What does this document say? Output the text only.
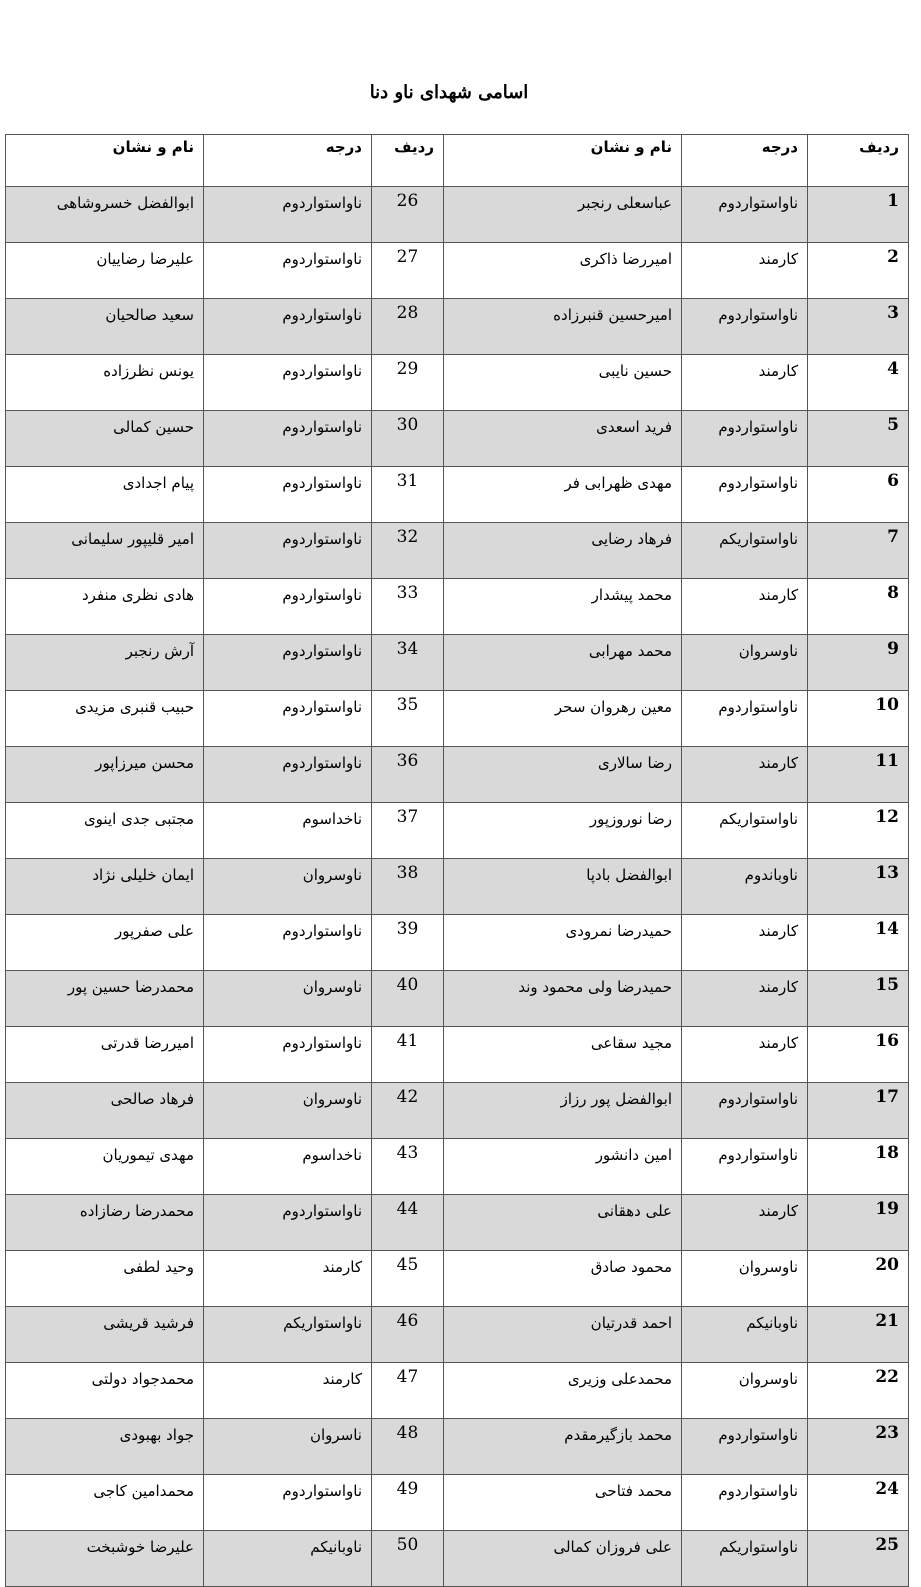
اسامی شهدای ناو دنا
ردیف	درجه	نام و نشان	ردیف	درجه	نام و نشان
1	ناواستواردوم	عباسعلی رنجبر	26	ناواستواردوم	ابوالفضل خسروشاهی
2	کارمند	امیررضا ذاکری	27	ناواستواردوم	علیرضا رضاییان
3	ناواستواردوم	امیرحسین قنبرزاده	28	ناواستواردوم	سعید صالحیان
4	کارمند	حسین نایبی	29	ناواستواردوم	یونس نظرزاده
5	ناواستواردوم	فرید اسعدی	30	ناواستواردوم	حسین کمالی
6	ناواستواردوم	مهدی ظهرابی فر	31	ناواستواردوم	پیام اجدادی
7	ناواستواریکم	فرهاد رضایی	32	ناواستواردوم	امیر قلیپور سلیمانی
8	کارمند	محمد پیشدار	33	ناواستواردوم	هادی نظری منفرد
9	ناوسروان	محمد مهرابی	34	ناواستواردوم	آرش رنجبر
10	ناواستواردوم	معین رهروان سحر	35	ناواستواردوم	حبیب قنبری مزیدی
11	کارمند	رضا سالاری	36	ناواستواردوم	محسن میرزاپور
12	ناواستواریکم	رضا نوروزپور	37	ناخداسوم	مجتبی جدی اینوی
13	ناوباندوم	ابوالفضل بادپا	38	ناوسروان	ایمان خلیلی نژاد
14	کارمند	حمیدرضا نمرودی	39	ناواستواردوم	علی صفرپور
15	کارمند	حمیدرضا ولی محمود وند	40	ناوسروان	محمدرضا حسین پور
16	کارمند	مجید سقاعی	41	ناواستواردوم	امیررضا قدرتی
17	ناواستواردوم	ابوالفضل پور رزاز	42	ناوسروان	فرهاد صالحی
18	ناواستواردوم	امین دانشور	43	ناخداسوم	مهدی تیموریان
19	کارمند	علی دهقانی	44	ناواستواردوم	محمدرضا رضازاده
20	ناوسروان	محمود صادق	45	کارمند	وحید لطفی
21	ناوبانیکم	احمد قدرتیان	46	ناواستواریکم	فرشید قریشی
22	ناوسروان	محمدعلی وزیری	47	کارمند	محمدجواد دولتی
23	ناواستواردوم	محمد بازگیرمقدم	48	ناسروان	جواد بهبودی
24	ناواستواردوم	محمد فتاحی	49	ناواستواردوم	محمدامین کاجی
25	ناواستواریکم	علی فروزان کمالی	50	ناوبانیکم	علیرضا خوشبخت
